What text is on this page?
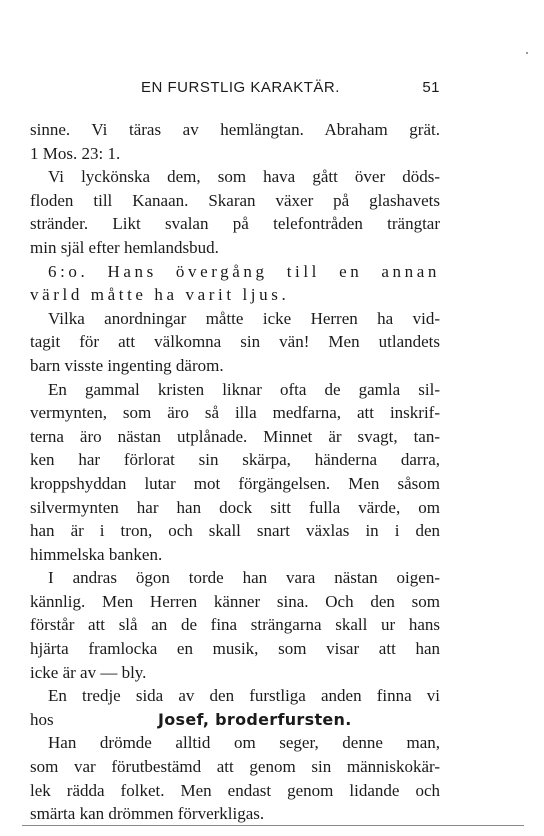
EN FURSTLIG KARAKTÄR.	51
sinne. Vi täras av hemlängtan. Abraham grät.
1 Mos. 23: 1.
Vi lyckönska dem, som hava gått över döds-
floden till Kanaan. Skaran växer på glashavets
stränder. Likt svalan på telefontråden trängtar
min själ efter hemlandsbud.
6:o. Hans övergång till en annan
värld måtte ha varit ljus.
Vilka anordningar måtte icke Herren ha vid-
tagit för att välkomna sin vän! Men utlandets
barn visste ingenting därom.
En gammal kristen liknar ofta de gamla sil-
vermynten, som äro så illa medfarna, att inskrif-
terna äro nästan utplånade. Minnet är svagt, tan-
ken har förlorat sin skärpa, händerna darra,
kroppshyddan lutar mot förgängelsen. Men såsom
silvermynten har han dock sitt fulla värde, om
han är i tron, och skall snart växlas in i den
himmelska banken.
I andras ögon torde han vara nästan oigen-
kännlig. Men Herren känner sina. Och den som
förstår att slå an de fina strängarna skall ur hans
hjärta framlocka en musik, som visar att han
icke är av — bly.
En tredje sida av den furstliga anden finna vi
hos	Josef, broderfursten.
Han drömde alltid om seger, denne man,
som var förutbestämd att genom sin människokär-
lek rädda folket. Men endast genom lidande och
smärta kan drömmen förverkligas.
